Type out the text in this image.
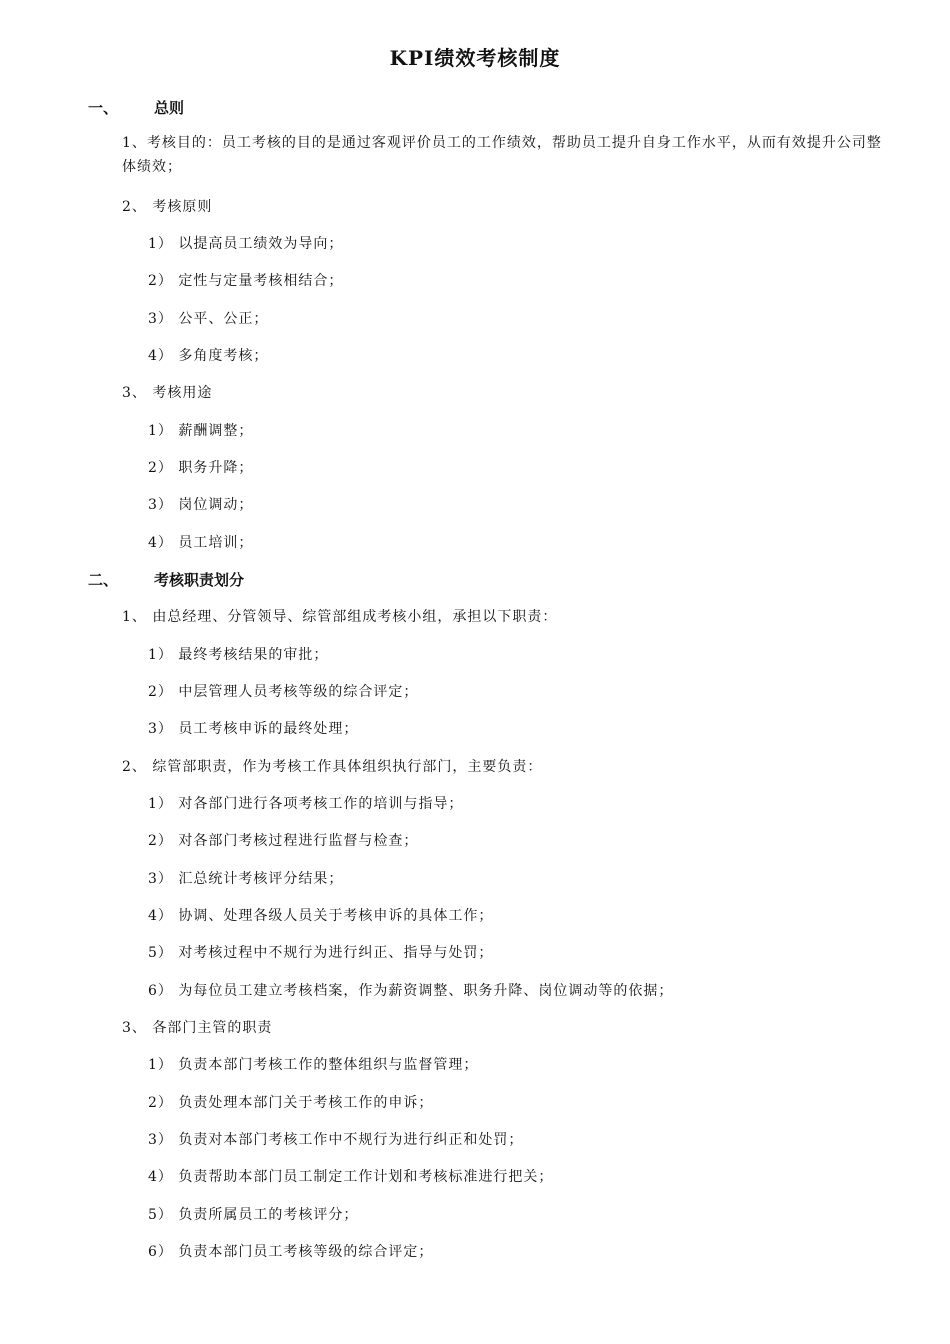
KPI绩效考核制度
一、 总则
1、考核目的：员工考核的目的是通过客观评价员工的工作绩效，帮助员工提升自身工作水平，从而有效提升公司整体绩效；
2、 考核原则
1） 以提高员工绩效为导向；
2） 定性与定量考核相结合；
3） 公平、公正；
4） 多角度考核；
3、 考核用途
1） 薪酬调整；
2） 职务升降；
3） 岗位调动；
4） 员工培训；
二、 考核职责划分
1、 由总经理、分管领导、综管部组成考核小组，承担以下职责：
1） 最终考核结果的审批；
2） 中层管理人员考核等级的综合评定；
3） 员工考核申诉的最终处理；
2、 综管部职责，作为考核工作具体组织执行部门，主要负责：
1） 对各部门进行各项考核工作的培训与指导；
2） 对各部门考核过程进行监督与检查；
3） 汇总统计考核评分结果；
4） 协调、处理各级人员关于考核申诉的具体工作；
5） 对考核过程中不规行为进行纠正、指导与处罚；
6） 为每位员工建立考核档案，作为薪资调整、职务升降、岗位调动等的依据；
3、 各部门主管的职责
1） 负责本部门考核工作的整体组织与监督管理；
2） 负责处理本部门关于考核工作的申诉；
3） 负责对本部门考核工作中不规行为进行纠正和处罚；
4） 负责帮助本部门员工制定工作计划和考核标准进行把关；
5） 负责所属员工的考核评分；
6） 负责本部门员工考核等级的综合评定；
